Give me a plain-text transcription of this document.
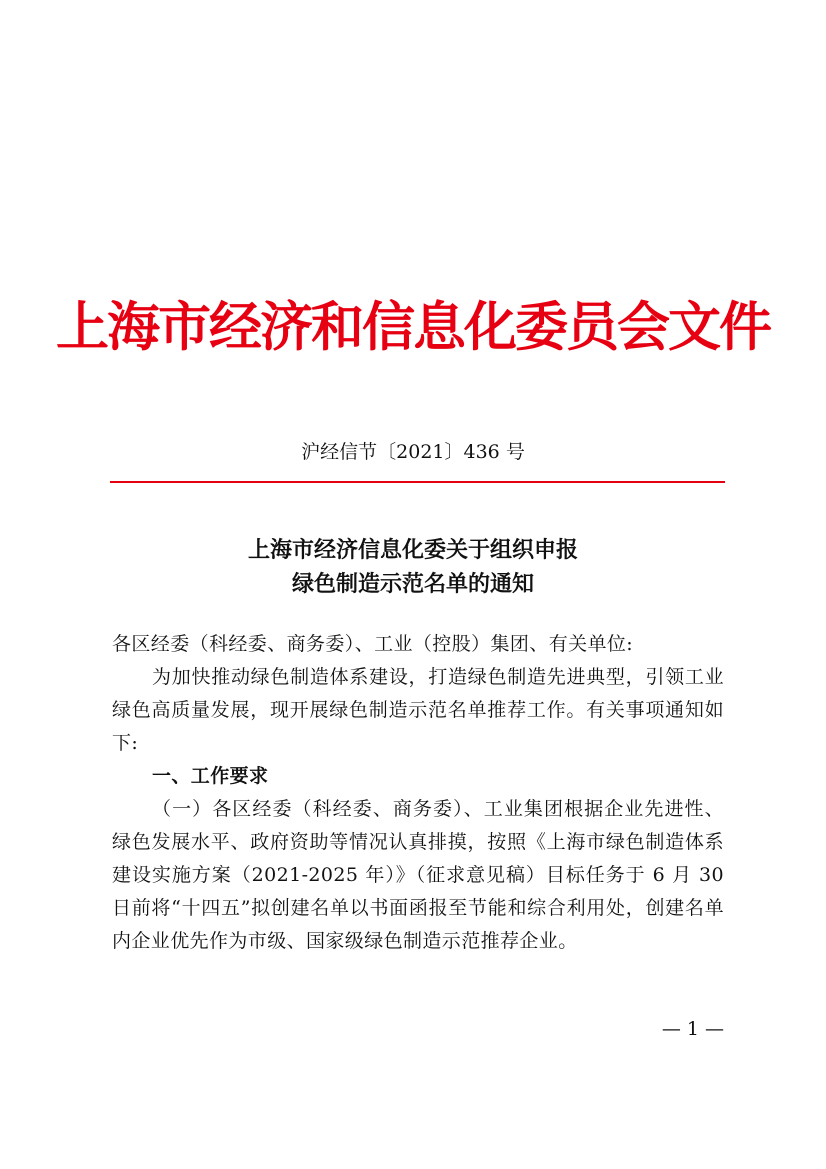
上海市经济和信息化委员会文件
沪经信节〔2021〕436 号
上海市经济信息化委关于组织申报
绿色制造示范名单的通知

各区经委（科经委、商务委）、工业（控股）集团、有关单位:

为加快推动绿色制造体系建设，打造绿色制造先进典型，引领工业绿色高质量发展，现开展绿色制造示范名单推荐工作。有关事项通知如下:

一、工作要求

（一）各区经委（科经委、商务委）、工业集团根据企业先进性、绿色发展水平、政府资助等情况认真排摸，按照《上海市绿色制造体系建设实施方案（2021-2025 年）》（征求意见稿）目标任务于 6 月 30 日前将“十四五”拟创建名单以书面函报至节能和综合利用处，创建名单内企业优先作为市级、国家级绿色制造示范推荐企业。

— 1 —
